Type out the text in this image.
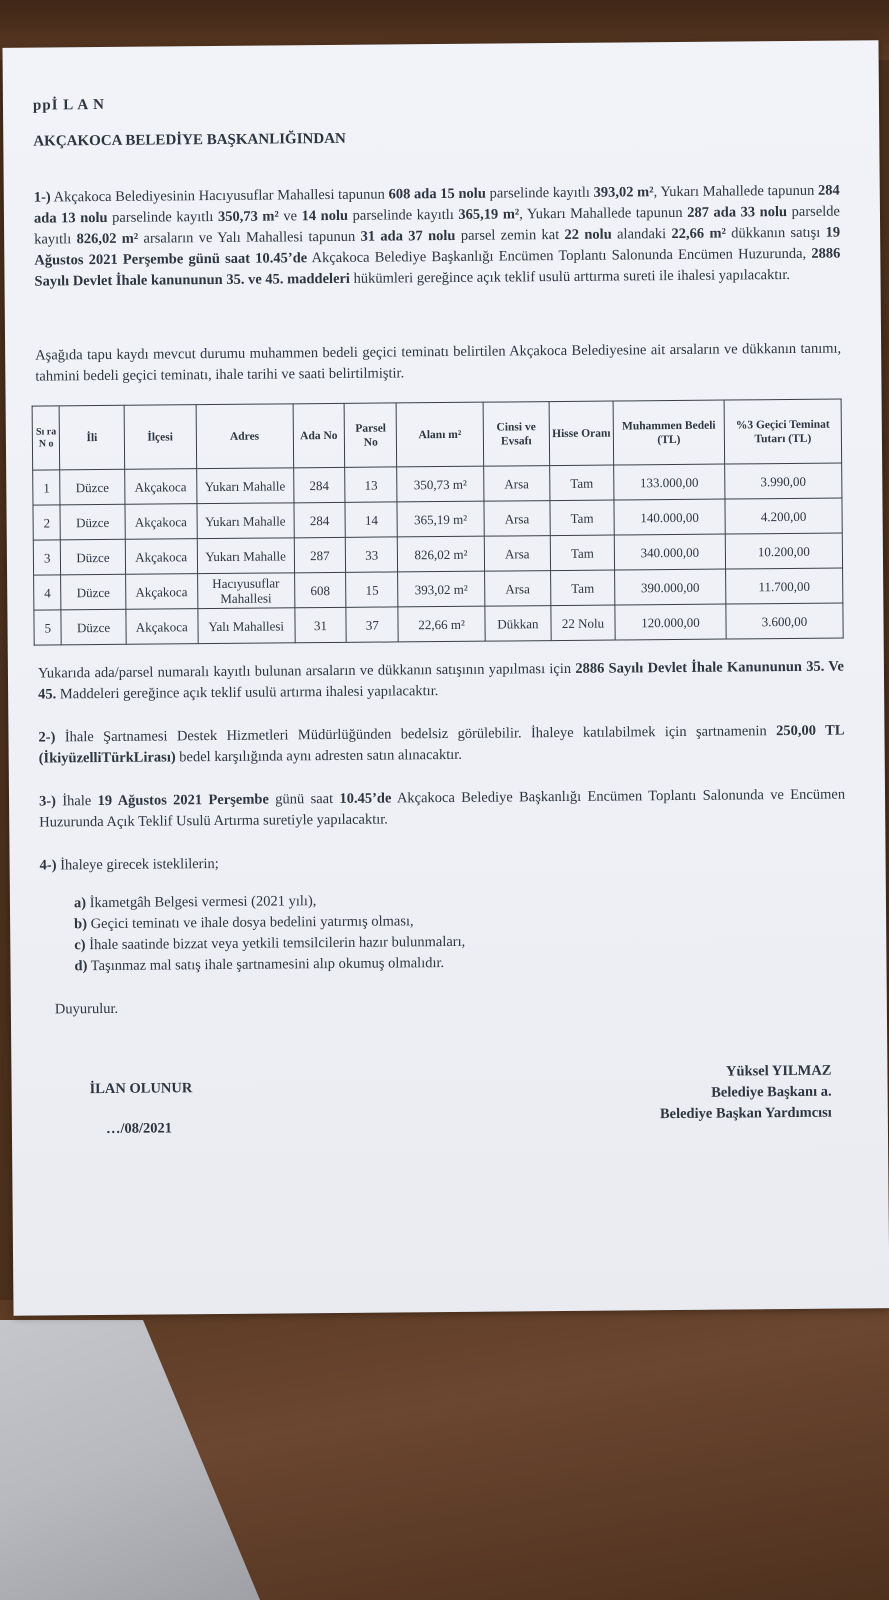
ppİ L A N
AKÇAKOCA BELEDİYE BAŞKANLIĞINDAN
1-) Akçakoca Belediyesinin Hacıyusuflar Mahallesi tapunun 608 ada 15 nolu parselinde kayıtlı 393,02 m², Yukarı Mahallede tapunun 284 ada 13 nolu parselinde kayıtlı 350,73 m² ve 14 nolu parselinde kayıtlı 365,19 m², Yukarı Mahallede tapunun 287 ada 33 nolu parselde kayıtlı 826,02 m² arsaların ve Yalı Mahallesi tapunun 31 ada 37 nolu parsel zemin kat 22 nolu alandaki 22,66 m² dükkanın satışı 19 Ağustos 2021 Perşembe günü saat 10.45’de Akçakoca Belediye Başkanlığı Encümen Toplantı Salonunda Encümen Huzurunda, 2886 Sayılı Devlet İhale kanununun 35. ve 45. maddeleri hükümleri gereğince açık teklif usulü arttırma sureti ile ihalesi yapılacaktır.
Aşağıda tapu kaydı mevcut durumu muhammen bedeli geçici teminatı belirtilen Akçakoca Belediyesine ait arsaların ve dükkanın tanımı, tahmini bedeli geçici teminatı, ihale tarihi ve saati belirtilmiştir.
Sı ra N o	İli	İlçesi	Adres	Ada No	Parsel No	Alanı m²	Cinsi ve Evsafı	Hisse Oranı	Muhammen Bedeli (TL)	%3 Geçici Teminat Tutarı (TL)
1	Düzce	Akçakoca	Yukarı Mahalle	284	13	350,73 m²	Arsa	Tam	133.000,00	3.990,00
2	Düzce	Akçakoca	Yukarı Mahalle	284	14	365,19 m²	Arsa	Tam	140.000,00	4.200,00
3	Düzce	Akçakoca	Yukarı Mahalle	287	33	826,02 m²	Arsa	Tam	340.000,00	10.200,00
4	Düzce	Akçakoca	Hacıyusuflar Mahallesi	608	15	393,02 m²	Arsa	Tam	390.000,00	11.700,00
5	Düzce	Akçakoca	Yalı Mahallesi	31	37	22,66 m²	Dükkan	22 Nolu	120.000,00	3.600,00
Yukarıda ada/parsel numaralı kayıtlı bulunan arsaların ve dükkanın satışının yapılması için 2886 Sayılı Devlet İhale Kanununun 35. Ve 45. Maddeleri gereğince açık teklif usulü artırma ihalesi yapılacaktır.
2-) İhale Şartnamesi Destek Hizmetleri Müdürlüğünden bedelsiz görülebilir. İhaleye katılabilmek için şartnamenin 250,00 TL (İkiyüzelliTürkLirası) bedel karşılığında aynı adresten satın alınacaktır.
3-) İhale 19 Ağustos 2021 Perşembe günü saat 10.45’de Akçakoca Belediye Başkanlığı Encümen Toplantı Salonunda ve Encümen Huzurunda Açık Teklif Usulü Artırma suretiyle yapılacaktır.
4-) İhaleye girecek isteklilerin;

a) İkametgâh Belgesi vermesi (2021 yılı),

b) Geçici teminatı ve ihale dosya bedelini yatırmış olması,

c) İhale saatinde bizzat veya yetkili temsilcilerin hazır bulunmaları,

d) Taşınmaz mal satış ihale şartnamesini alıp okumuş olmalıdır.

Duyurulur.
İLAN OLUNUR
…/08/2021
Yüksel YILMAZ
Belediye Başkanı a.
Belediye Başkan Yardımcısı
